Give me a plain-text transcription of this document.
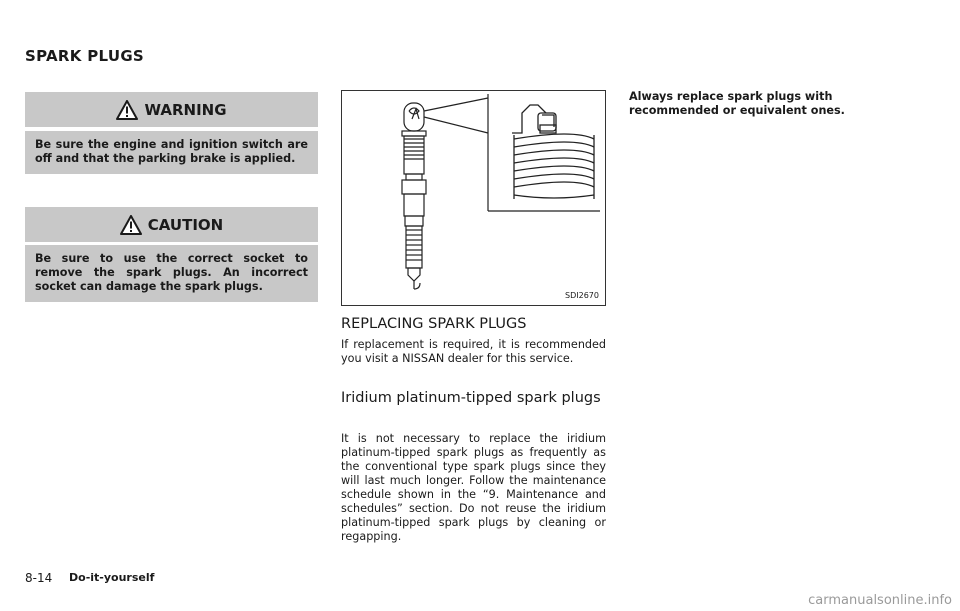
SPARK PLUGS
WARNING
Be sure the engine and ignition switch are off and that the parking brake is applied.
CAUTION
Be sure to use the correct socket to remove the spark plugs. An incorrect socket can damage the spark plugs.
SDI2670
REPLACING SPARK PLUGS
If replacement is required, it is recommended you visit a NISSAN dealer for this service.
Iridium platinum-tipped spark plugs
It is not necessary to replace the iridium platinum-tipped spark plugs as frequently as the conventional type spark plugs since they will last much longer. Follow the maintenance schedule shown in the “9. Maintenance and schedules” section. Do not reuse the iridium platinum-tipped spark plugs by cleaning or regapping.
Always replace spark plugs with recommended or equivalent ones.
8-14 Do-it-yourself
carmanualsonline.info
